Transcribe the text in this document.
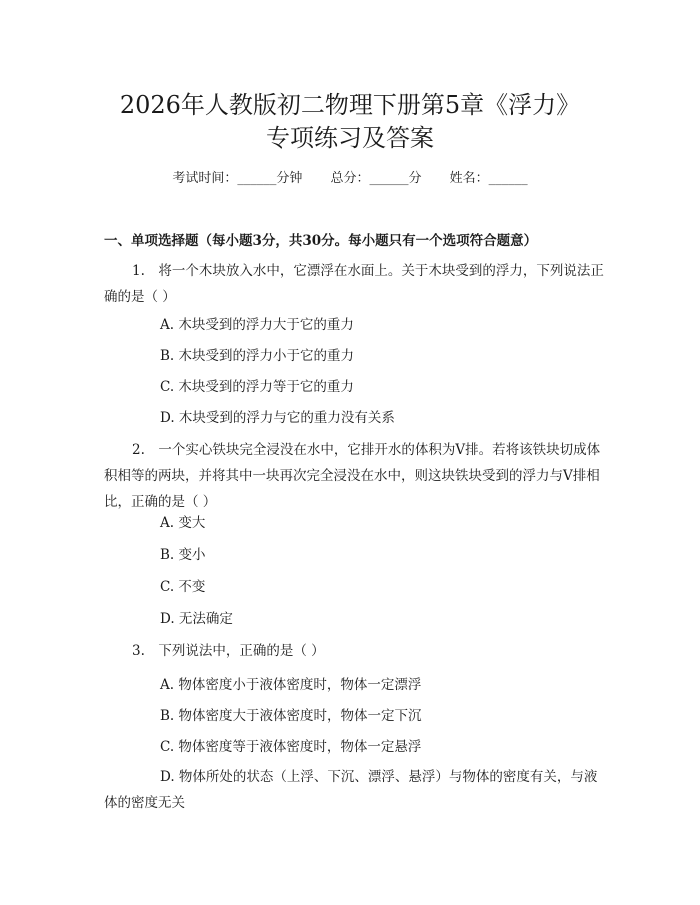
2026年人教版初二物理下册第5章《浮力》
专项练习及答案
考试时间：______分钟 总分：______分 姓名：______
一、单项选择题（每小题3分，共30分。每小题只有一个选项符合题意）
1.　将一个木块放入水中，它漂浮在水面上。关于木块受到的浮力，下列说法正确的是（ ）
A. 木块受到的浮力大于它的重力
B. 木块受到的浮力小于它的重力
C. 木块受到的浮力等于它的重力
D. 木块受到的浮力与它的重力没有关系
2.　一个实心铁块完全浸没在水中，它排开水的体积为V排。若将该铁块切成体积相等的两块，并将其中一块再次完全浸没在水中，则这块铁块受到的浮力与V排相比，正确的是（ ）
A. 变大
B. 变小
C. 不变
D. 无法确定
3.　下列说法中，正确的是（ ）
A. 物体密度小于液体密度时，物体一定漂浮
B. 物体密度大于液体密度时，物体一定下沉
C. 物体密度等于液体密度时，物体一定悬浮
D. 物体所处的状态（上浮、下沉、漂浮、悬浮）与物体的密度有关，与液体的密度无关
